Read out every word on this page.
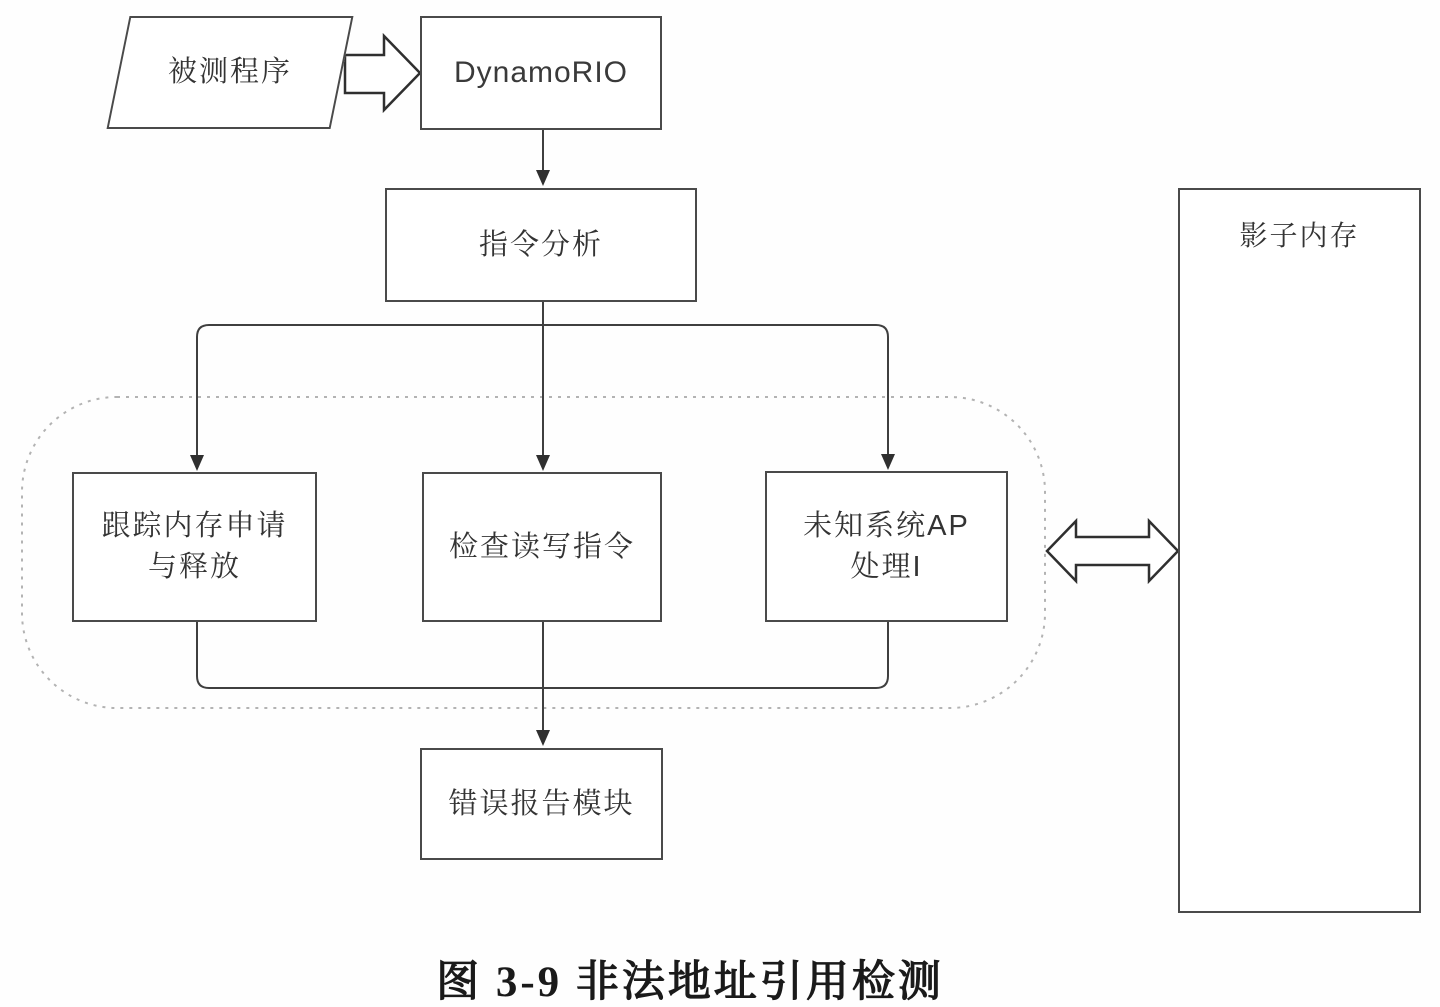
被测程序	DynamoRIO
指令分析
跟踪内存申请
与释放
检查读写指令
未知系统AP
处理I
错误报告模块
影子内存
图 3-9 非法地址引用检测
